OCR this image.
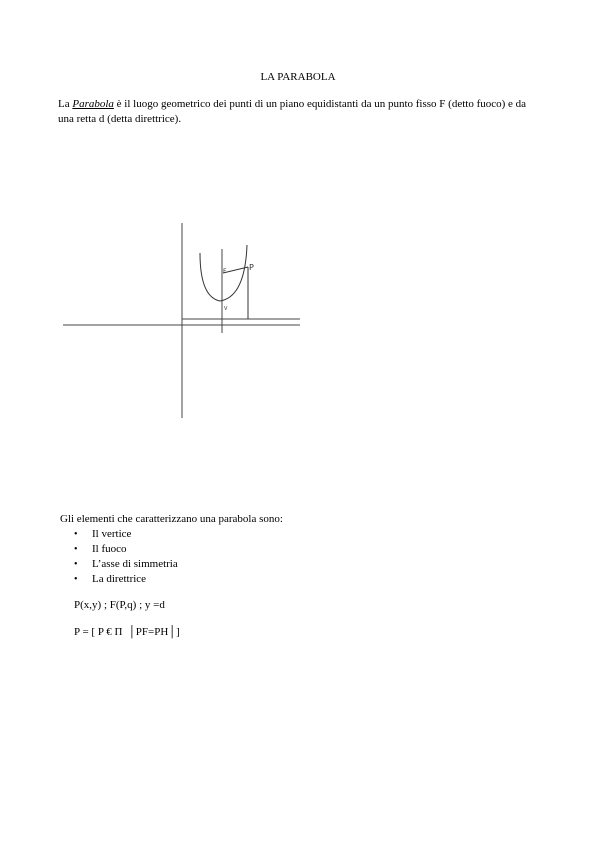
LA PARABOLA
La Parabola è il luogo geometrico dei punti di un piano equidistanti da un punto fisso F (detto fuoco) e da una retta d (detta direttrice).
F	P
V
Gli elementi che caratterizzano una parabola sono:
• Il vertice
• Il fuoco
• L’asse di simmetria
• La direttrice
P(x,y) ; F(P,q) ; y =d
P = [ P € Π  │PF=PH│]
